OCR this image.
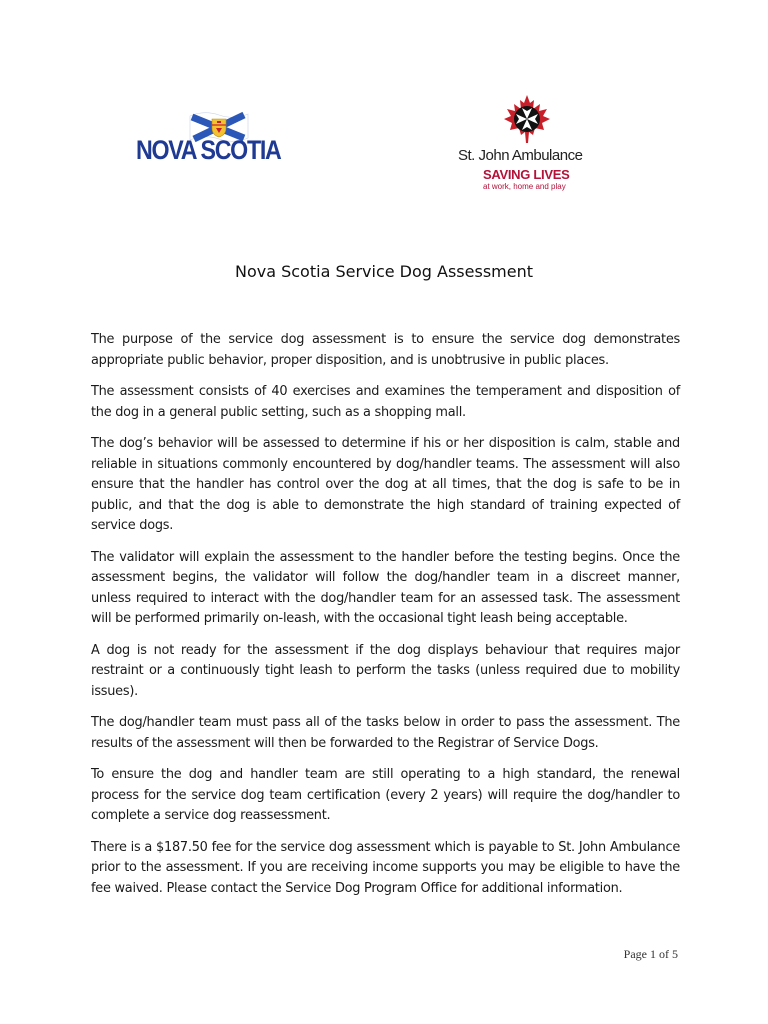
NOVA SCOTIA	St. John Ambulance
SAVING LIVES
at work, home and play
Nova Scotia Service Dog Assessment

The purpose of the service dog assessment is to ensure the service dog demonstrates appropriate public behavior, proper disposition, and is unobtrusive in public places.

The assessment consists of 40 exercises and examines the temperament and disposition of the dog in a general public setting, such as a shopping mall.

The dog’s behavior will be assessed to determine if his or her disposition is calm, stable and reliable in situations commonly encountered by dog/handler teams. The assessment will also ensure that the handler has control over the dog at all times, that the dog is safe to be in public, and that the dog is able to demonstrate the high standard of training expected of service dogs.

The validator will explain the assessment to the handler before the testing begins. Once the assessment begins, the validator will follow the dog/handler team in a discreet manner, unless required to interact with the dog/handler team for an assessed task. The assessment will be performed primarily on-leash, with the occasional tight leash being acceptable.

A dog is not ready for the assessment if the dog displays behaviour that requires major restraint or a continuously tight leash to perform the tasks (unless required due to mobility issues).

The dog/handler team must pass all of the tasks below in order to pass the assessment. The results of the assessment will then be forwarded to the Registrar of Service Dogs.

To ensure the dog and handler team are still operating to a high standard, the renewal process for the service dog team certification (every 2 years) will require the dog/handler to complete a service dog reassessment.

There is a $187.50 fee for the service dog assessment which is payable to St. John Ambulance prior to the assessment. If you are receiving income supports you may be eligible to have the fee waived. Please contact the Service Dog Program Office for additional information.

Page 1 of 5
